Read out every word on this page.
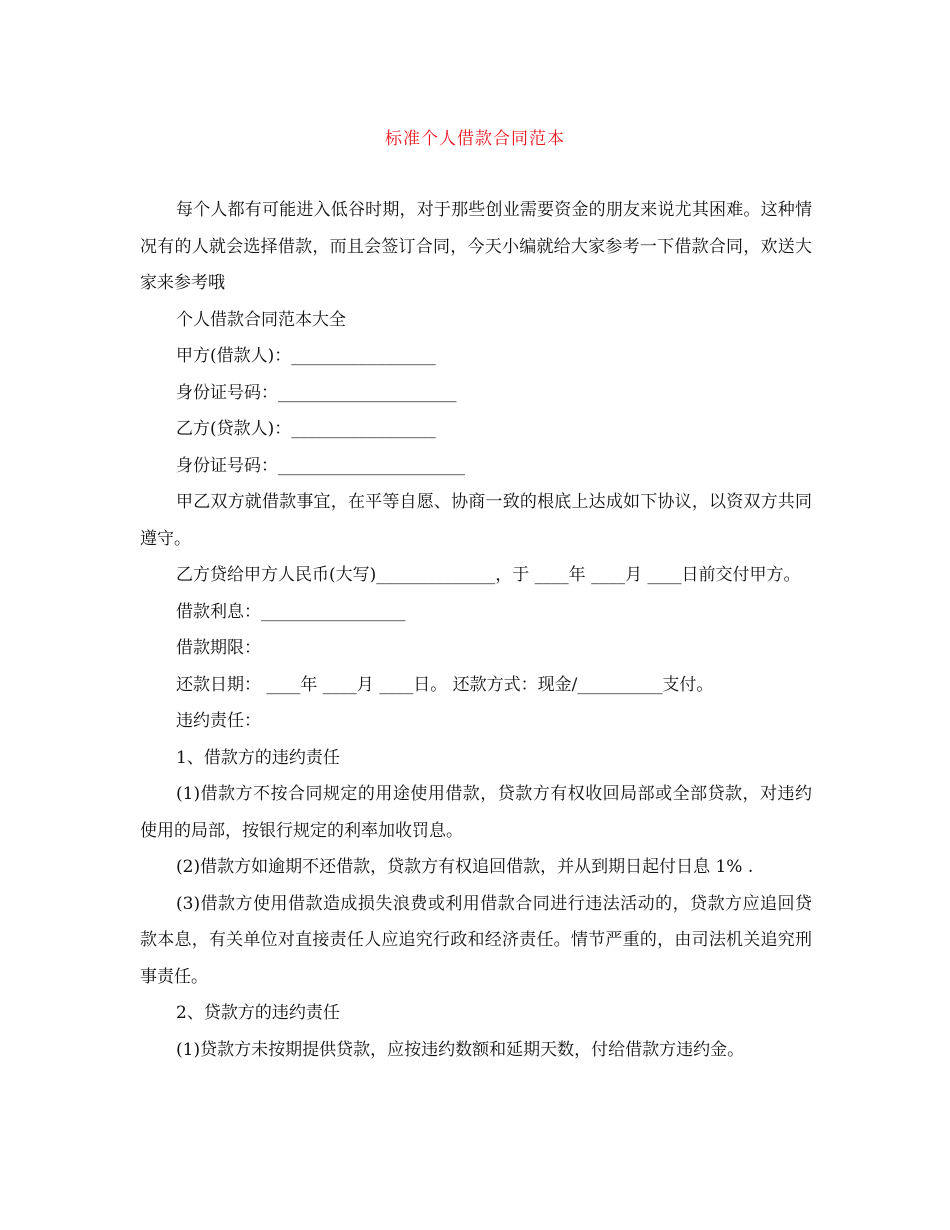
标准个人借款合同范本

每个人都有可能进入低谷时期，对于那些创业需要资金的朋友来说尤其困难。这种情况有的人就会选择借款，而且会签订合同，今天小编就给大家参考一下借款合同，欢送大家来参考哦

个人借款合同范本大全

甲方(借款人)：_________________

身份证号码：_____________________

乙方(贷款人)：_________________

身份证号码：______________________

甲乙双方就借款事宜，在平等自愿、协商一致的根底上达成如下协议，以资双方共同遵守。

乙方贷给甲方人民币(大写)______________，于 ____年 ____月 ____日前交付甲方。

借款利息：_________________

借款期限：

还款日期： ____年 ____月 ____日。 还款方式：现金/__________支付。

违约责任：

1、借款方的违约责任

(1)借款方不按合同规定的用途使用借款，贷款方有权收回局部或全部贷款，对违约使用的局部，按银行规定的利率加收罚息。

(2)借款方如逾期不还借款，贷款方有权追回借款，并从到期日起付日息 1% .

(3)借款方使用借款造成损失浪费或利用借款合同进行违法活动的，贷款方应追回贷款本息，有关单位对直接责任人应追究行政和经济责任。情节严重的，由司法机关追究刑事责任。

2、贷款方的违约责任

(1)贷款方未按期提供贷款，应按违约数额和延期天数，付给借款方违约金。
